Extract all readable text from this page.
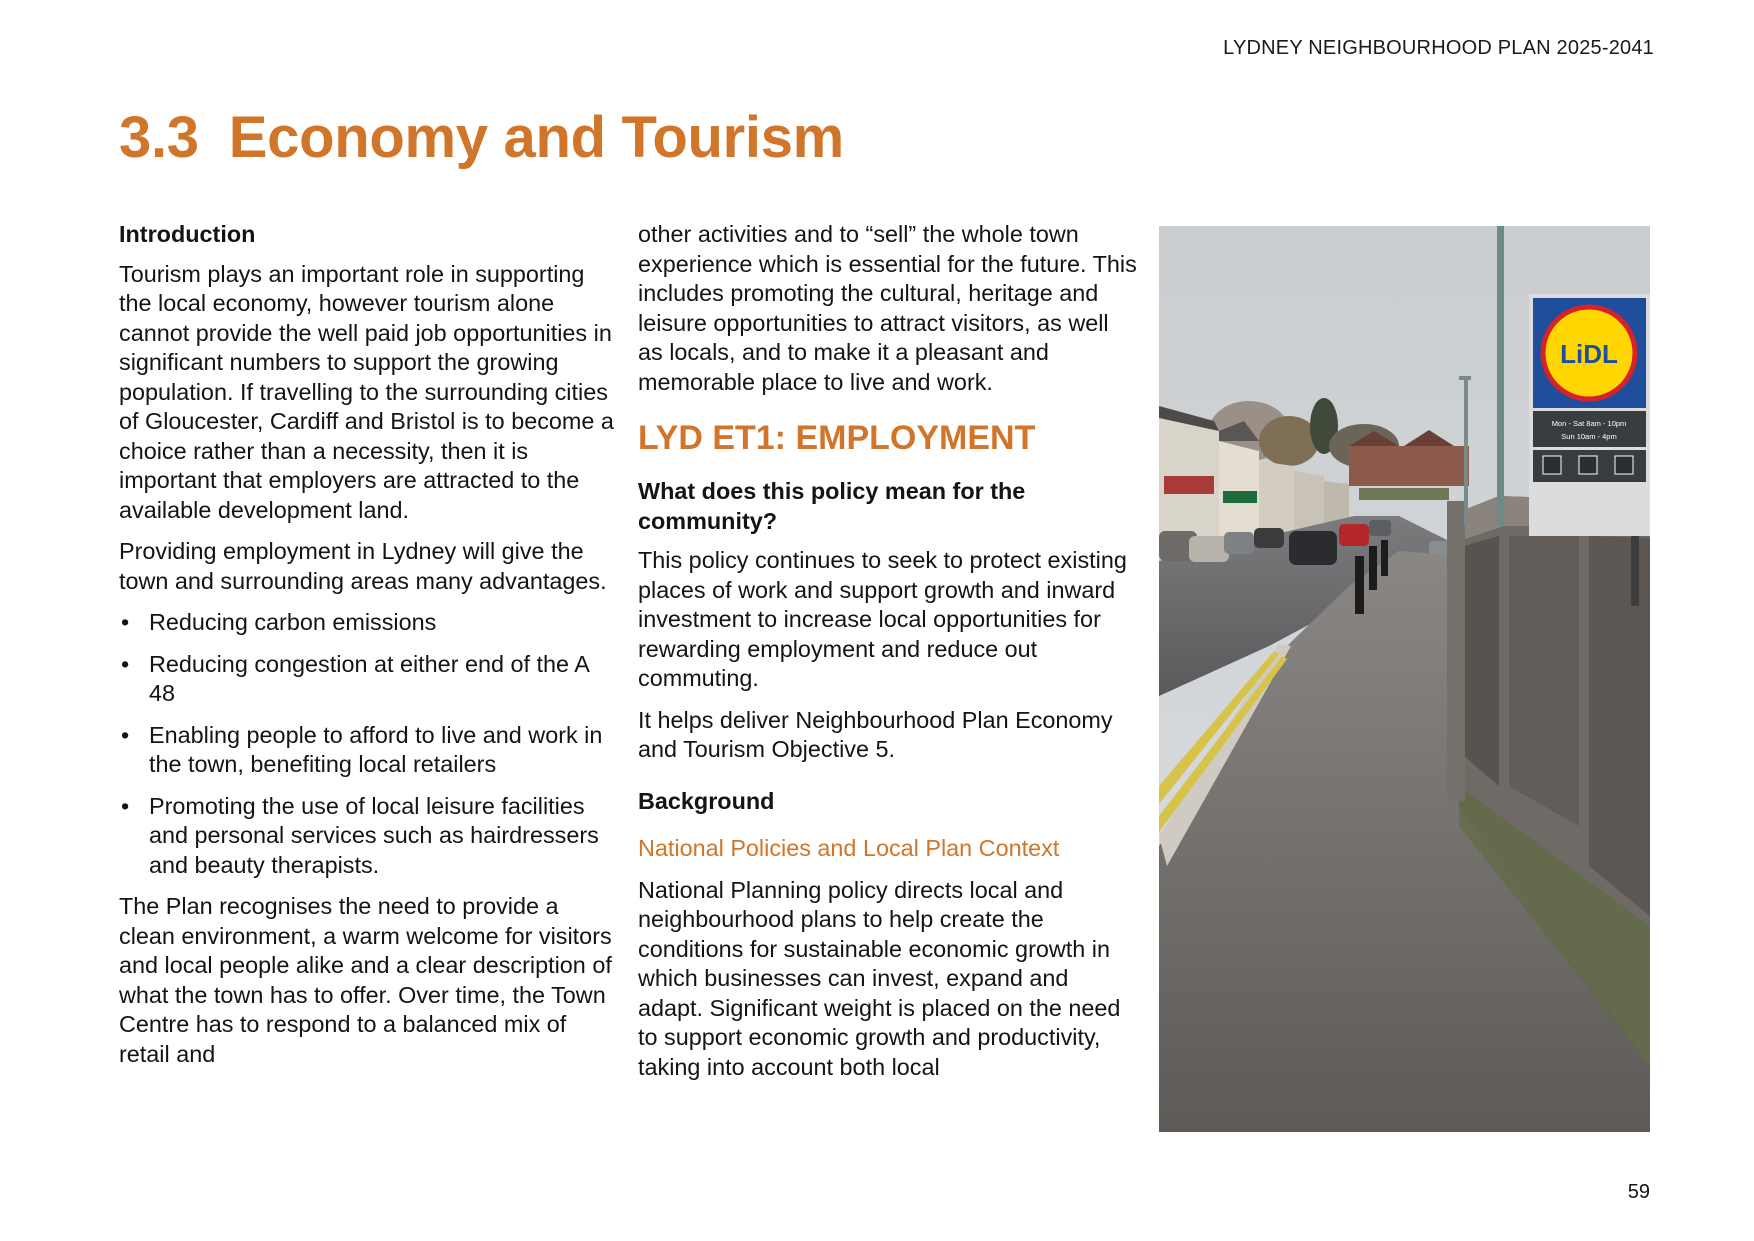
LYDNEY NEIGHBOURHOOD PLAN 2025-2041
3.3 Economy and Tourism
Introduction

Tourism plays an important role in supporting the local economy, however tourism alone cannot provide the well paid job opportunities in significant numbers to support the growing population. If travelling to the surrounding cities of Gloucester, Cardiff and Bristol is to become a choice rather than a necessity, then it is important that employers are attracted to the available development land.

Providing employment in Lydney will give the town and surrounding areas many advantages.

• Reducing carbon emissions
• Reducing congestion at either end of the A 48
• Enabling people to afford to live and work in the town, benefiting local retailers
• Promoting the use of local leisure facilities and personal services such as hairdressers and beauty therapists.

The Plan recognises the need to provide a clean environment, a warm welcome for visitors and local people alike and a clear description of what the town has to offer. Over time, the Town Centre has to respond to a balanced mix of retail and

other activities and to “sell” the whole town experience which is essential for the future. This includes promoting the cultural, heritage and leisure opportunities to attract visitors, as well as locals, and to make it a pleasant and memorable place to live and work.

LYD ET1: EMPLOYMENT
What does this policy mean for the community?

This policy continues to seek to protect existing places of work and support growth and inward investment to increase local opportunities for rewarding employment and reduce out commuting.

It helps deliver Neighbourhood Plan Economy and Tourism Objective 5.

Background
National Policies and Local Plan Context

National Planning policy directs local and neighbourhood plans to help create the conditions for sustainable economic growth in which businesses can invest, expand and adapt. Significant weight is placed on the need to support economic growth and productivity, taking into account both local

LiDL
Mon - Sat 8am - 10pm
Sun 10am - 4pm
59
